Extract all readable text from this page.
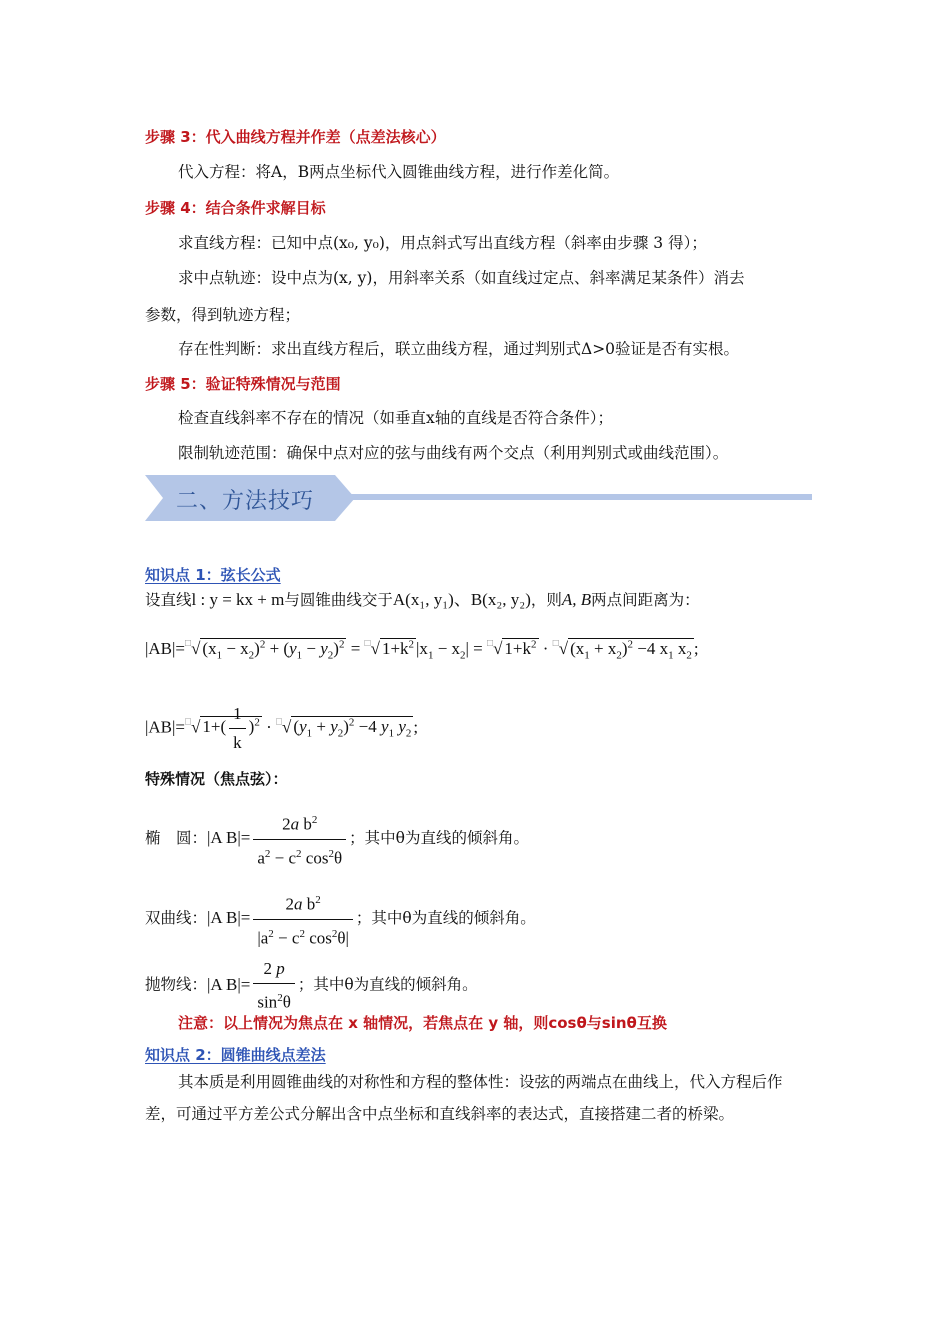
步骤 3：代入曲线方程并作差（点差法核心）
代入方程：将A，B两点坐标代入圆锥曲线方程，进行作差化简。
步骤 4：结合条件求解目标
求直线方程：已知中点(x₀, y₀)，用点斜式写出直线方程（斜率由步骤 3 得）；
求中点轨迹：设中点为(x, y)，用斜率关系（如直线过定点、斜率满足某条件）消去
参数，得到轨迹方程；
存在性判断：求出直线方程后，联立曲线方程，通过判别式Δ>0验证是否有实根。
步骤 5：验证特殊情况与范围
检查直线斜率不存在的情况（如垂直x轴的直线是否符合条件）；
限制轨迹范围：确保中点对应的弦与曲线有两个交点（利用判别式或曲线范围）。
二、方法技巧
知识点 1：弦长公式
设直线l : y = kx + m与圆锥曲线交于A(x₁, y₁)、B(x₂, y₂)，则A, B两点间距离为：
|AB|=□√ $(x_1 - x_2)^2 + (y_1 - y_2)^2 = ^□√$ $1+k^2$ $|x_1 - x_2| = ^□√$ $1+k^2 \cdot ^□√$ $(x_1 + x_2)^2 -4$ $x_1$ $x_2$ ;
|AB|=□√ $1+( \frac{1}{k} )^2 \cdot ^□√$ $(y_1 + y_2)^2 -4$ $y_1$ $y_2$ ;
特殊情况（焦点弦）：
椭　圆：|A $B|= \frac{2a b^2}{a^2 - c^2 \cos^2\theta}$ ；其中θ为直线的倾斜角。
双曲线：|A $B|= \frac{2a b^2}{|a^2 - c^2 \cos^2\theta|}$ ；其中θ为直线的倾斜角。
抛物线：|A $B|= \frac{2 p}{\sin^2\theta}$ ；其中θ为直线的倾斜角。
注意：以上情况为焦点在 x 轴情况，若焦点在 y 轴，则cosθ与sinθ互换
知识点 2：圆锥曲线点差法
其本质是利用圆锥曲线的对称性和方程的整体性：设弦的两端点在曲线上，代入方程后作差，可通过平方差公式分解出含中点坐标和直线斜率的表达式，直接搭建二者的桥梁。
